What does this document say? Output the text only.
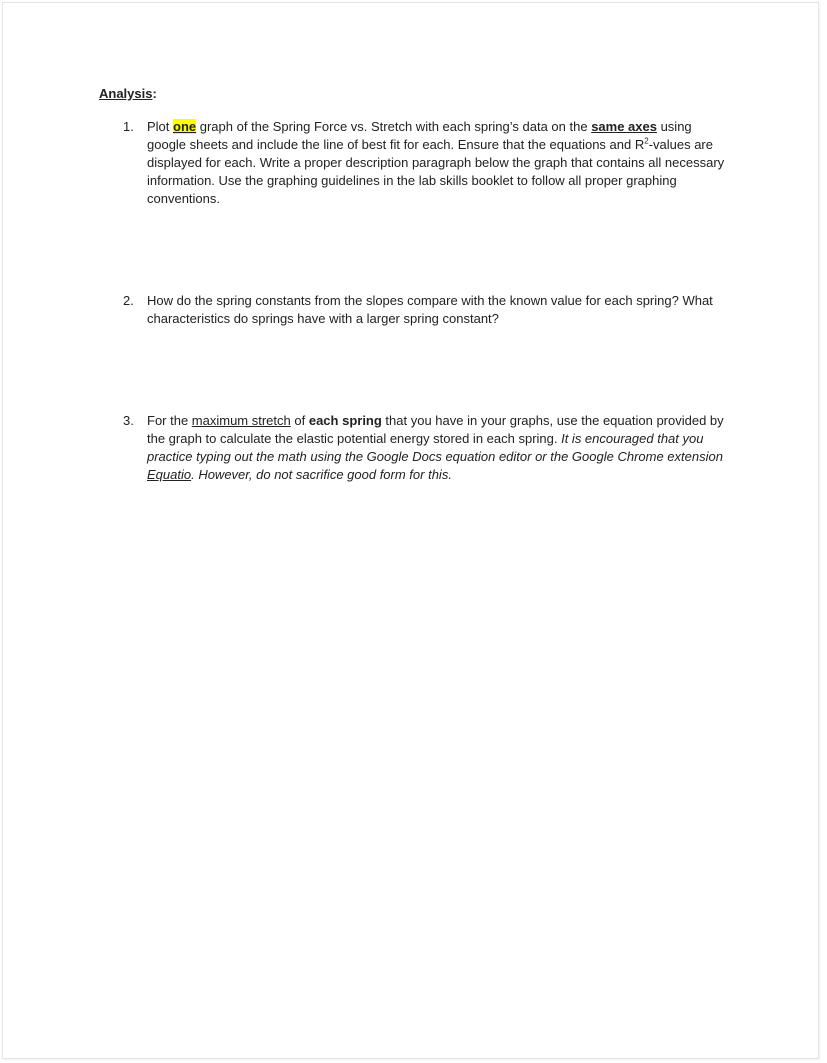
Analysis:
1.	Plot one graph of the Spring Force vs. Stretch with each spring’s data on the same axes using google sheets and include the line of best fit for each. Ensure that the equations and $R^2$-values are displayed for each. Write a proper description paragraph below the graph that contains all necessary information. Use the graphing guidelines in the lab skills booklet to follow all proper graphing conventions.
2.	How do the spring constants from the slopes compare with the known value for each spring? What characteristics do springs have with a larger spring constant?
3.	For the maximum stretch of each spring that you have in your graphs, use the equation provided by the graph to calculate the elastic potential energy stored in each spring. It is encouraged that you practice typing out the math using the Google Docs equation editor or the Google Chrome extension Equatio. However, do not sacrifice good form for this.
